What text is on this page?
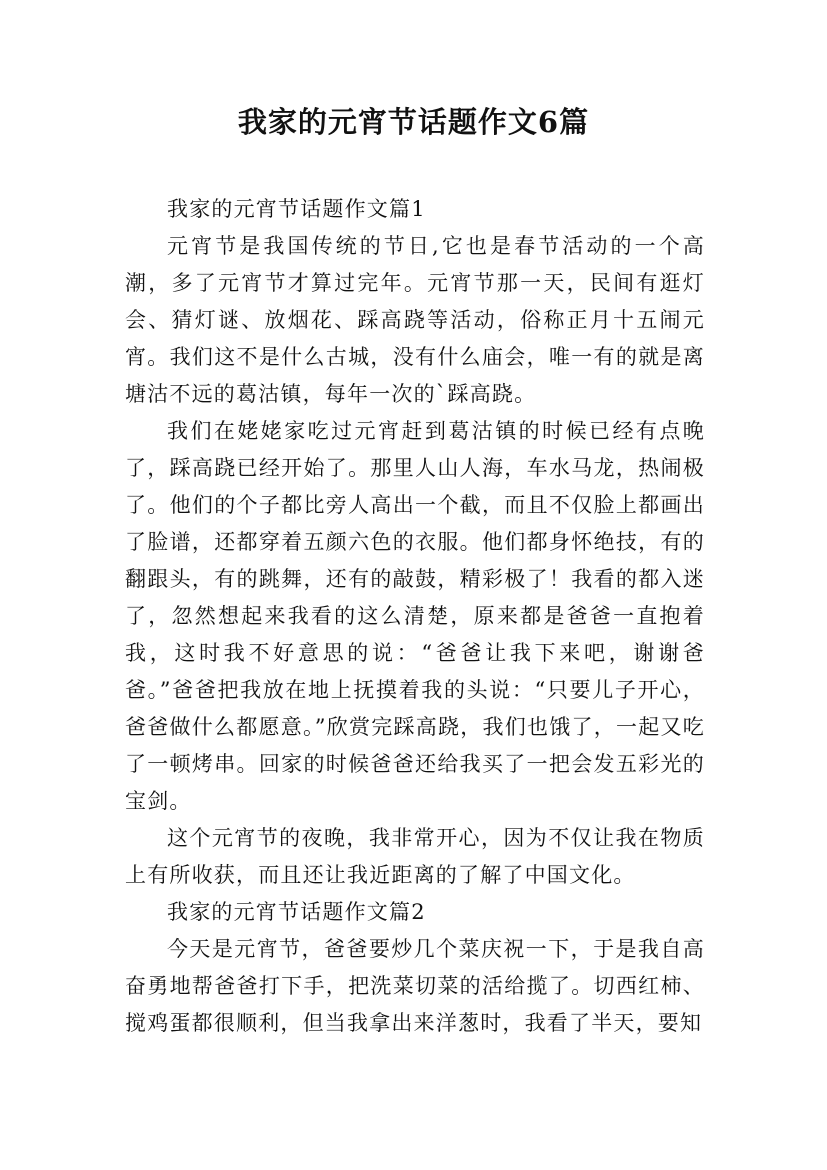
我家的元宵节话题作文6篇

我家的元宵节话题作文篇1

元宵节是我国传统的节日,它也是春节活动的一个高潮，多了元宵节才算过完年。元宵节那一天，民间有逛灯会、猜灯谜、放烟花、踩高跷等活动，俗称正月十五闹元宵。我们这不是什么古城，没有什么庙会，唯一有的就是离塘沽不远的葛沽镇，每年一次的`踩高跷。

我们在姥姥家吃过元宵赶到葛沽镇的时候已经有点晚了，踩高跷已经开始了。那里人山人海，车水马龙，热闹极了。他们的个子都比旁人高出一个截，而且不仅脸上都画出了脸谱，还都穿着五颜六色的衣服。他们都身怀绝技，有的翻跟头，有的跳舞，还有的敲鼓，精彩极了！我看的都入迷了，忽然想起来我看的这么清楚，原来都是爸爸一直抱着我，这时我不好意思的说：“爸爸让我下来吧，谢谢爸爸。”爸爸把我放在地上抚摸着我的头说：“只要儿子开心，爸爸做什么都愿意。”欣赏完踩高跷，我们也饿了，一起又吃了一顿烤串。回家的时候爸爸还给我买了一把会发五彩光的宝剑。

这个元宵节的夜晚，我非常开心，因为不仅让我在物质上有所收获，而且还让我近距离的了解了中国文化。

我家的元宵节话题作文篇2

今天是元宵节，爸爸要炒几个菜庆祝一下，于是我自高奋勇地帮爸爸打下手，把洗菜切菜的活给揽了。切西红柿、搅鸡蛋都很顺利，但当我拿出来洋葱时，我看了半天，要知
